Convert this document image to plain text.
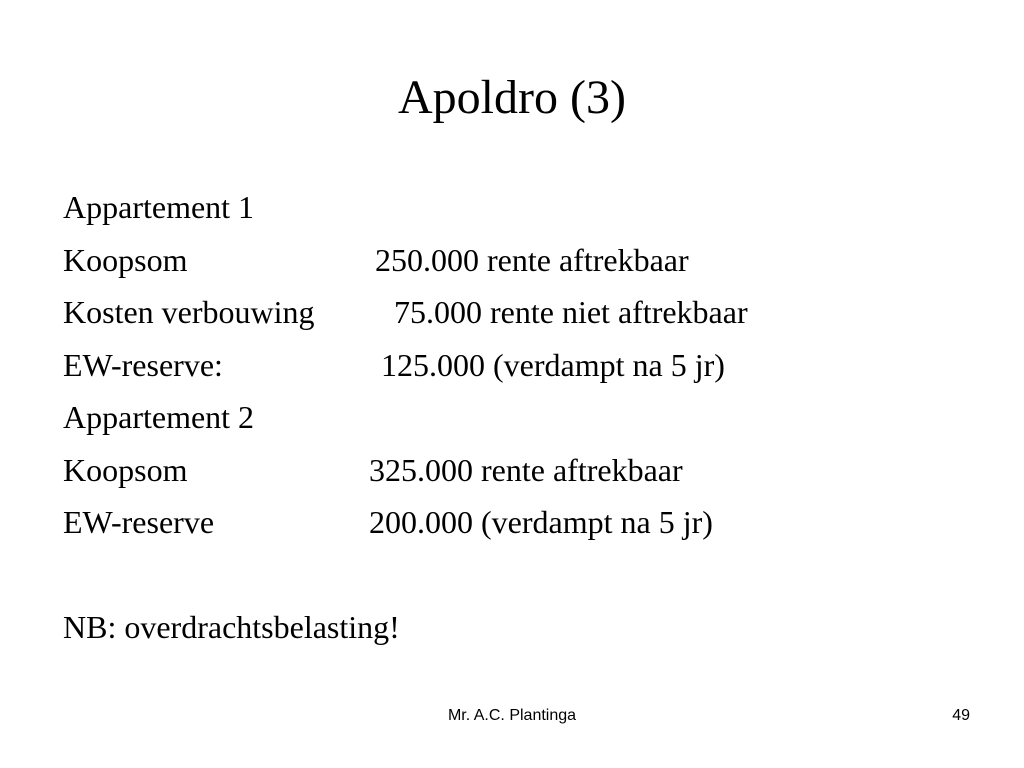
Apoldro (3)
Appartement 1
Koopsom	250.000 rente aftrekbaar
Kosten verbouwing 75.000 rente niet aftrekbaar
EW-reserve:	125.000 (verdampt na 5 jr)
Appartement 2
Koopsom	325.000 rente aftrekbaar
EW-reserve	200.000 (verdampt na 5 jr)
NB: overdrachtsbelasting!
Mr. A.C. Plantinga	49
